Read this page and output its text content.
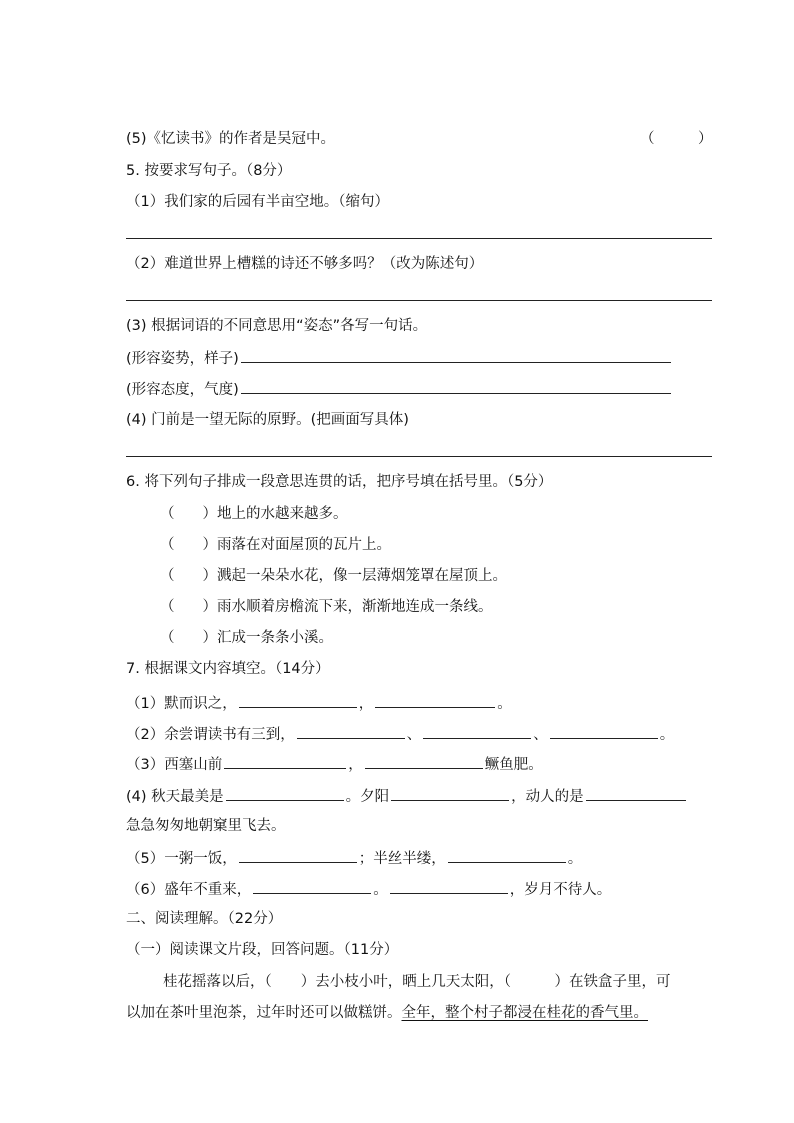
(5)《忆读书》的作者是吴冠中。	（　　　）
5. 按要求写句子。（8分）
（1）我们家的后园有半亩空地。（缩句）
（2）难道世界上槽糕的诗还不够多吗？（改为陈述句）
(3) 根据词语的不同意思用“姿态”各写一句话。
(形容姿势，样子)
(形容态度，气度)
(4) 门前是一望无际的原野。(把画面写具体)
6. 将下列句子排成一段意思连贯的话，把序号填在括号里。（5分）
（ ）地上的水越来越多。
（ ）雨落在对面屋顶的瓦片上。
（ ）溅起一朵朵水花，像一层薄烟笼罩在屋顶上。
（ ）雨水顺着房檐流下来，渐渐地连成一条线。
（ ）汇成一条条小溪。
7. 根据课文内容填空。（14分）
（1）默而识之，	，	。
（2）余尝谓读书有三到，	、	、	。
（3）西塞山前	，	鳜鱼肥。
(4) 秋天最美是	。夕阳	，动人的是
急急匆匆地朝窠里飞去。
（5）一粥一饭，	；半丝半缕，	。
（6）盛年不重来，	。	，岁月不待人。
二、阅读理解。（22分）
（一）阅读课文片段，回答问题。（11分）
桂花摇落以后，（　　）去小枝小叶，晒上几天太阳，（　　　）在铁盒子里，可
以加在茶叶里泡茶，过年时还可以做糕饼。全年，整个村子都浸在桂花的香气里。
